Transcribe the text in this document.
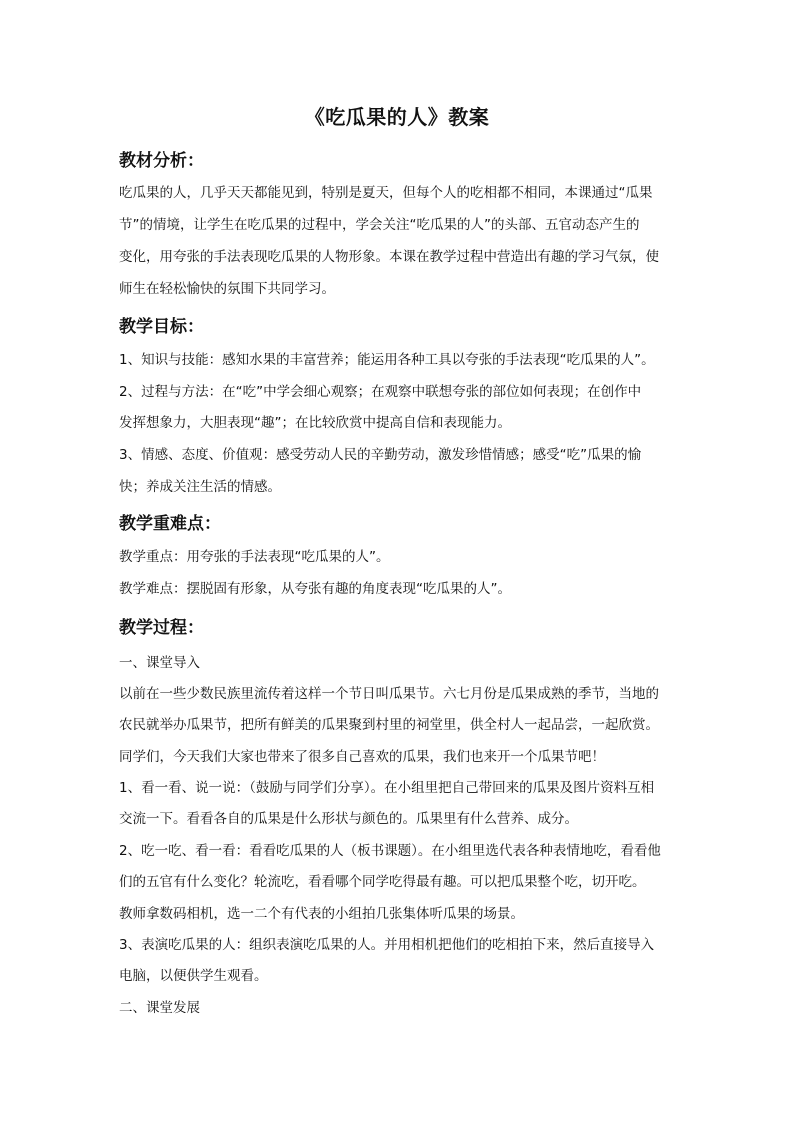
《吃瓜果的人》教案
教材分析：
吃瓜果的人，几乎天天都能见到，特别是夏天，但每个人的吃相都不相同，本课通过“瓜果
节”的情境，让学生在吃瓜果的过程中，学会关注“吃瓜果的人”的头部、五官动态产生的
变化，用夸张的手法表现吃瓜果的人物形象。本课在教学过程中营造出有趣的学习气氛，使
师生在轻松愉快的氛围下共同学习。
教学目标：
1、知识与技能：感知水果的丰富营养；能运用各种工具以夸张的手法表现“吃瓜果的人”。
2、过程与方法：在“吃”中学会细心观察；在观察中联想夸张的部位如何表现；在创作中
发挥想象力，大胆表现“趣”；在比较欣赏中提高自信和表现能力。
3、情感、态度、价值观：感受劳动人民的辛勤劳动，激发珍惜情感；感受“吃”瓜果的愉
快；养成关注生活的情感。
教学重难点：
教学重点：用夸张的手法表现“吃瓜果的人”。
教学难点：摆脱固有形象，从夸张有趣的角度表现“吃瓜果的人”。
教学过程：
一、课堂导入
以前在一些少数民族里流传着这样一个节日叫瓜果节。六七月份是瓜果成熟的季节，当地的
农民就举办瓜果节，把所有鲜美的瓜果聚到村里的祠堂里，供全村人一起品尝，一起欣赏。
同学们，今天我们大家也带来了很多自己喜欢的瓜果，我们也来开一个瓜果节吧！
1、看一看、说一说：（鼓励与同学们分享）。在小组里把自己带回来的瓜果及图片资料互相
交流一下。看看各自的瓜果是什么形状与颜色的。瓜果里有什么营养、成分。
2、吃一吃、看一看：看看吃瓜果的人（板书课题）。在小组里选代表各种表情地吃，看看他
们的五官有什么变化？轮流吃，看看哪个同学吃得最有趣。可以把瓜果整个吃，切开吃。
教师拿数码相机，选一二个有代表的小组拍几张集体听瓜果的场景。
3、表演吃瓜果的人：组织表演吃瓜果的人。并用相机把他们的吃相拍下来，然后直接导入
电脑，以便供学生观看。
二、课堂发展
